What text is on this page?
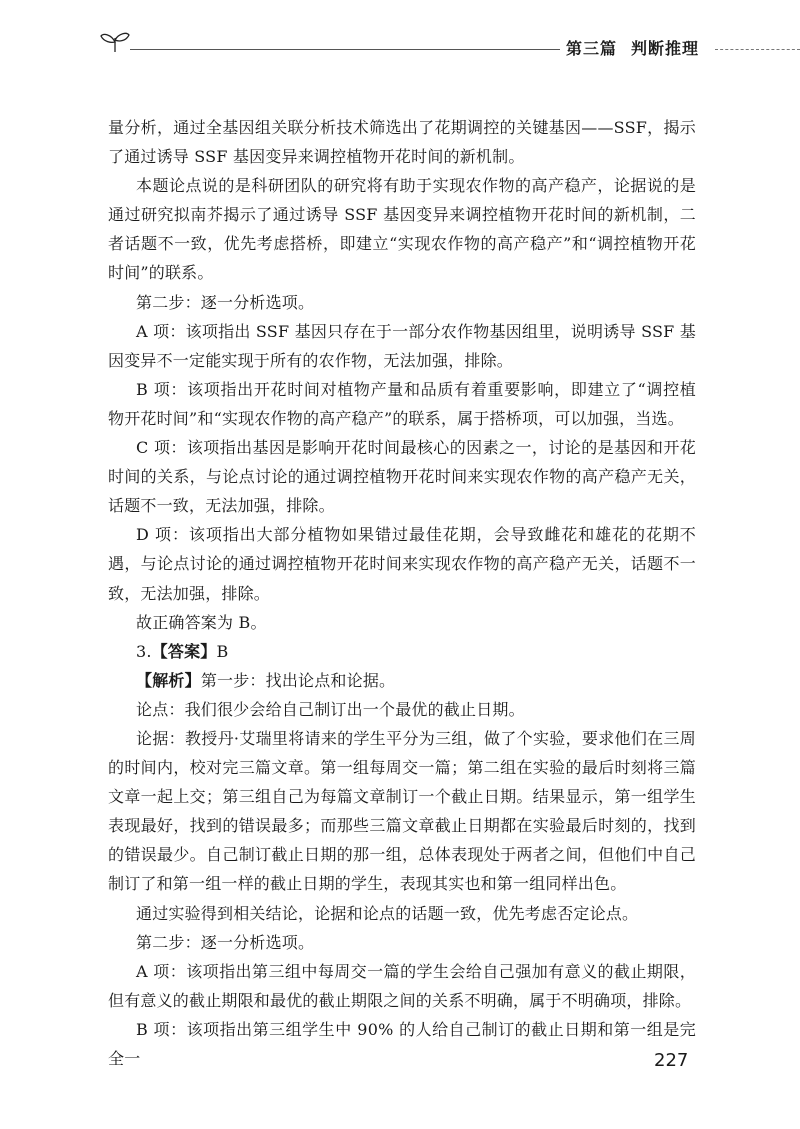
第三篇 判断推理

量分析，通过全基因组关联分析技术筛选出了花期调控的关键基因——SSF，揭示了通过诱导 SSF 基因变异来调控植物开花时间的新机制。

本题论点说的是科研团队的研究将有助于实现农作物的高产稳产，论据说的是通过研究拟南芥揭示了通过诱导 SSF 基因变异来调控植物开花时间的新机制，二者话题不一致，优先考虑搭桥，即建立“实现农作物的高产稳产”和“调控植物开花时间”的联系。

第二步：逐一分析选项。

A 项：该项指出 SSF 基因只存在于一部分农作物基因组里，说明诱导 SSF 基因变异不一定能实现于所有的农作物，无法加强，排除。

B 项：该项指出开花时间对植物产量和品质有着重要影响，即建立了“调控植物开花时间”和“实现农作物的高产稳产”的联系，属于搭桥项，可以加强，当选。

C 项：该项指出基因是影响开花时间最核心的因素之一，讨论的是基因和开花时间的关系，与论点讨论的通过调控植物开花时间来实现农作物的高产稳产无关，话题不一致，无法加强，排除。

D 项：该项指出大部分植物如果错过最佳花期，会导致雌花和雄花的花期不遇，与论点讨论的通过调控植物开花时间来实现农作物的高产稳产无关，话题不一致，无法加强，排除。

故正确答案为 B。

3.【答案】B

【解析】第一步：找出论点和论据。

论点：我们很少会给自己制订出一个最优的截止日期。

论据：教授丹·艾瑞里将请来的学生平分为三组，做了个实验，要求他们在三周的时间内，校对完三篇文章。第一组每周交一篇；第二组在实验的最后时刻将三篇文章一起上交；第三组自己为每篇文章制订一个截止日期。结果显示，第一组学生表现最好，找到的错误最多；而那些三篇文章截止日期都在实验最后时刻的，找到的错误最少。自己制订截止日期的那一组，总体表现处于两者之间，但他们中自己制订了和第一组一样的截止日期的学生，表现其实也和第一组同样出色。

通过实验得到相关结论，论据和论点的话题一致，优先考虑否定论点。

第二步：逐一分析选项。

A 项：该项指出第三组中每周交一篇的学生会给自己强加有意义的截止期限，但有意义的截止期限和最优的截止期限之间的关系不明确，属于不明确项，排除。

B 项：该项指出第三组学生中 90% 的人给自己制订的截止日期和第一组是完全一	227
